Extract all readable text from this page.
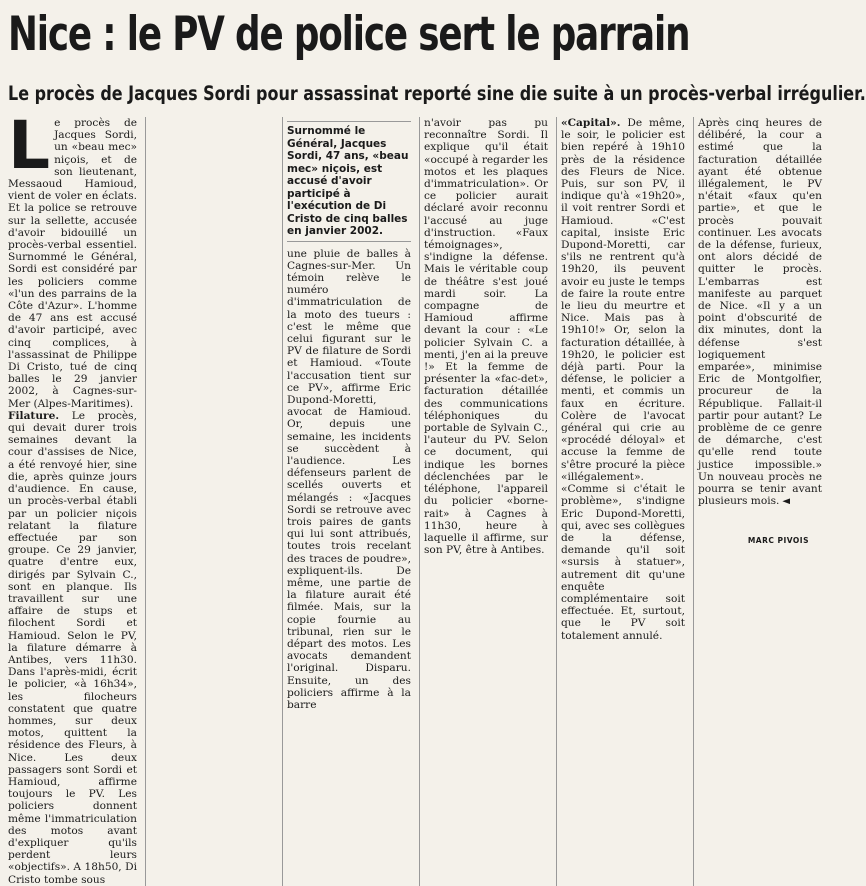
Nice : le PV de police sert le parrain
Le procès de Jacques Sordi pour assassinat reporté sine die suite à un procès-verbal irrégulier.

Le procès de Jacques Sordi, un «beau mec» niçois, et de son lieutenant, Messaoud Hamioud, vient de voler en éclats. Et la police se retrouve sur la sellette, accusée d'avoir bidouillé un procès-verbal essentiel. Surnommé le Général, Sordi est considéré par les policiers comme «l'un des parrains de la Côte d'Azur». L'homme de 47 ans est accusé d'avoir participé, avec cinq complices, à l'assassinat de Philippe Di Cristo, tué de cinq balles le 29 janvier 2002, à Cagnes-sur-Mer (Alpes-Maritimes).

Filature. Le procès, qui devait durer trois semaines devant la cour d'assises de Nice, a été renvoyé hier, sine die, après quinze jours d'audience. En cause, un procès-verbal établi par un policier niçois relatant la filature effectuée par son groupe. Ce 29 janvier, quatre d'entre eux, dirigés par Sylvain C., sont en planque. Ils travaillent sur une affaire de stups et filochent Sordi et Hamioud. Selon le PV, la filature démarre à Antibes, vers 11h30. Dans l'après-midi, écrit le policier, «à 16h34», les filocheurs constatent que quatre hommes, sur deux motos, quittent la résidence des Fleurs, à Nice. Les deux passagers sont Sordi et Hamioud, affirme toujours le PV. Les policiers donnent même l'immatriculation des motos avant d'expliquer qu'ils perdent leurs «objectifs». A 18h50, Di Cristo tombe sous

Surnommé le Général, Jacques Sordi, 47 ans, «beau mec» niçois, est accusé d'avoir participé à l'exécution de Di Cristo de cinq balles en janvier 2002.

une pluie de balles à Cagnes-sur-Mer. Un témoin relève le numéro d'immatriculation de la moto des tueurs : c'est le même que celui figurant sur le PV de filature de Sordi et Hamioud. «Toute l'accusation tient sur ce PV», affirme Eric Dupond-Moretti, avocat de Hamioud. Or, depuis une semaine, les incidents se succèdent à l'audience. Les défenseurs parlent de scellés ouverts et mélangés : «Jacques Sordi se retrouve avec trois paires de gants qui lui sont attribués, toutes trois recelant des traces de poudre», expliquent-ils. De même, une partie de la filature aurait été filmée. Mais, sur la copie fournie au tribunal, rien sur le départ des motos. Les avocats demandent l'original. Disparu. Ensuite, un des policiers affirme à la barre

n'avoir pas pu reconnaître Sordi. Il explique qu'il était «occupé à regarder les motos et les plaques d'immatriculation». Or ce policier aurait déclaré avoir reconnu l'accusé au juge d'instruction. «Faux témoignages», s'indigne la défense. Mais le véritable coup de théâtre s'est joué mardi soir. La compagne de Hamioud affirme devant la cour : «Le policier Sylvain C. a menti, j'en ai la preuve !» Et la femme de présenter la «fac-det», facturation détaillée des communications téléphoniques du portable de Sylvain C., l'auteur du PV. Selon ce document, qui indique les bornes déclenchées par le téléphone, l'appareil du policier «borne-rait» à Cagnes à 11h30, heure à laquelle il affirme, sur son PV, être à Antibes.

«Capital». De même, le soir, le policier est bien repéré à 19h10 près de la résidence des Fleurs de Nice. Puis, sur son PV, il indique qu'à «19h20», il voit rentrer Sordi et Hamioud. «C'est capital, insiste Eric Dupond-Moretti, car s'ils ne rentrent qu'à 19h20, ils peuvent avoir eu juste le temps de faire la route entre le lieu du meurtre et Nice. Mais pas à 19h10!» Or, selon la facturation détaillée, à 19h20, le policier est déjà parti. Pour la défense, le policier a menti, et commis un faux en écriture. Colère de l'avocat général qui crie au «procédé déloyal» et accuse la femme de s'être procuré la pièce «illégalement». «Comme si c'était le problème», s'indigne Eric Dupond-Moretti, qui, avec ses collègues de la défense, demande qu'il soit «sursis à statuer», autrement dit qu'une enquête complémentaire soit effectuée. Et, surtout, que le PV soit totalement annulé.

Après cinq heures de délibéré, la cour a estimé que la facturation détaillée ayant été obtenue illégalement, le PV n'était «faux qu'en partie», et que le procès pouvait continuer. Les avocats de la défense, furieux, ont alors décidé de quitter le procès. L'embarras est manifeste au parquet de Nice. «Il y a un point d'obscurité de dix minutes, dont la défense s'est logiquement emparée», minimise Eric de Montgolfier, procureur de la République. Fallait-il partir pour autant? Le problème de ce genre de démarche, c'est qu'elle rend toute justice impossible.» Un nouveau procès ne pourra se tenir avant plusieurs mois.

MARC PIVOIS
